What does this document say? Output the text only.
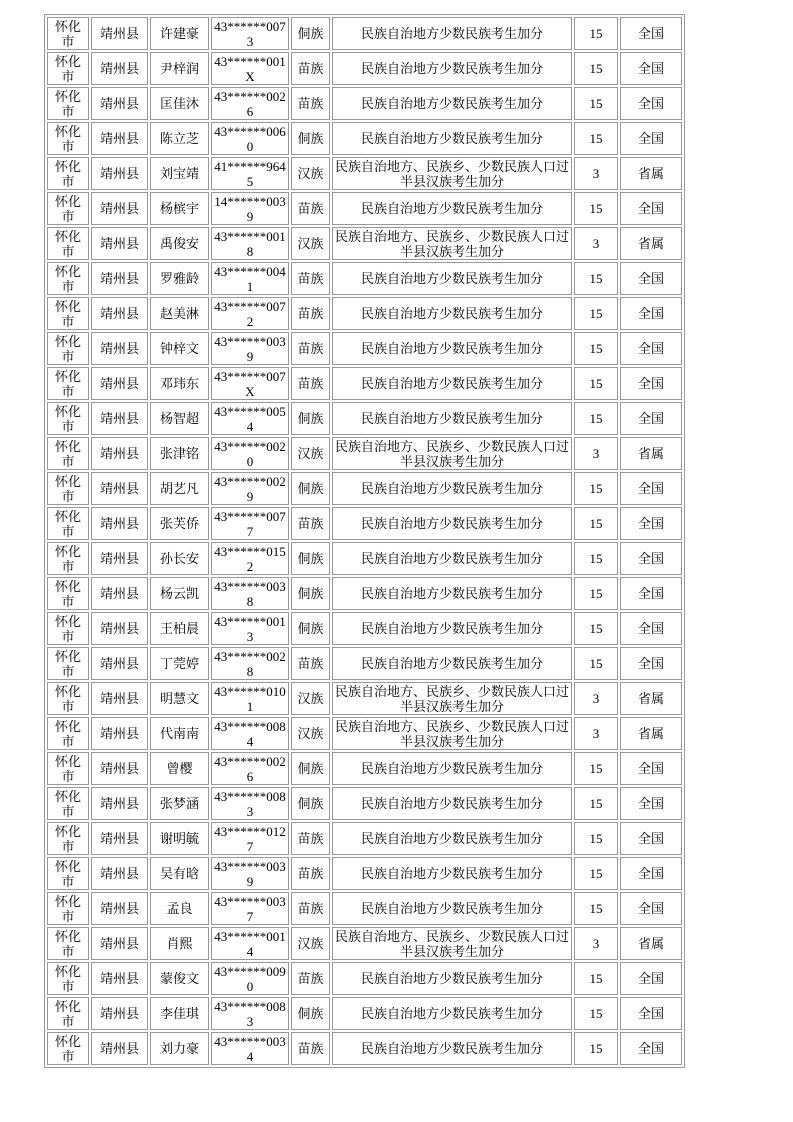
怀化市	靖州县	许建豪	43******0073	侗族	民族自治地方少数民族考生加分	15	全国
怀化市	靖州县	尹梓润	43******001X	苗族	民族自治地方少数民族考生加分	15	全国
怀化市	靖州县	匡佳沐	43******0026	苗族	民族自治地方少数民族考生加分	15	全国
怀化市	靖州县	陈立芝	43******0060	侗族	民族自治地方少数民族考生加分	15	全国
怀化市	靖州县	刘宝靖	41******9645	汉族	民族自治地方、民族乡、少数民族人口过半县汉族考生加分	3	省属
怀化市	靖州县	杨槟宇	14******0039	苗族	民族自治地方少数民族考生加分	15	全国
怀化市	靖州县	禹俊安	43******0018	汉族	民族自治地方、民族乡、少数民族人口过半县汉族考生加分	3	省属
怀化市	靖州县	罗雅龄	43******0041	苗族	民族自治地方少数民族考生加分	15	全国
怀化市	靖州县	赵美淋	43******0072	苗族	民族自治地方少数民族考生加分	15	全国
怀化市	靖州县	钟梓文	43******0039	苗族	民族自治地方少数民族考生加分	15	全国
怀化市	靖州县	邓玮东	43******007X	苗族	民族自治地方少数民族考生加分	15	全国
怀化市	靖州县	杨智超	43******0054	侗族	民族自治地方少数民族考生加分	15	全国
怀化市	靖州县	张津铭	43******0020	汉族	民族自治地方、民族乡、少数民族人口过半县汉族考生加分	3	省属
怀化市	靖州县	胡艺凡	43******0029	侗族	民族自治地方少数民族考生加分	15	全国
怀化市	靖州县	张芙侨	43******0077	苗族	民族自治地方少数民族考生加分	15	全国
怀化市	靖州县	孙长安	43******0152	侗族	民族自治地方少数民族考生加分	15	全国
怀化市	靖州县	杨云凯	43******0038	侗族	民族自治地方少数民族考生加分	15	全国
怀化市	靖州县	王柏晨	43******0013	侗族	民族自治地方少数民族考生加分	15	全国
怀化市	靖州县	丁莞婷	43******0028	苗族	民族自治地方少数民族考生加分	15	全国
怀化市	靖州县	明慧文	43******0101	汉族	民族自治地方、民族乡、少数民族人口过半县汉族考生加分	3	省属
怀化市	靖州县	代南南	43******0084	汉族	民族自治地方、民族乡、少数民族人口过半县汉族考生加分	3	省属
怀化市	靖州县	曾樱	43******0026	侗族	民族自治地方少数民族考生加分	15	全国
怀化市	靖州县	张梦涵	43******0083	侗族	民族自治地方少数民族考生加分	15	全国
怀化市	靖州县	谢明毓	43******0127	苗族	民族自治地方少数民族考生加分	15	全国
怀化市	靖州县	吴有晗	43******0039	苗族	民族自治地方少数民族考生加分	15	全国
怀化市	靖州县	孟良	43******0037	苗族	民族自治地方少数民族考生加分	15	全国
怀化市	靖州县	肖熙	43******0014	汉族	民族自治地方、民族乡、少数民族人口过半县汉族考生加分	3	省属
怀化市	靖州县	蒙俊文	43******0090	苗族	民族自治地方少数民族考生加分	15	全国
怀化市	靖州县	李佳琪	43******0083	侗族	民族自治地方少数民族考生加分	15	全国
怀化市	靖州县	刘力豪	43******0034	苗族	民族自治地方少数民族考生加分	15	全国
